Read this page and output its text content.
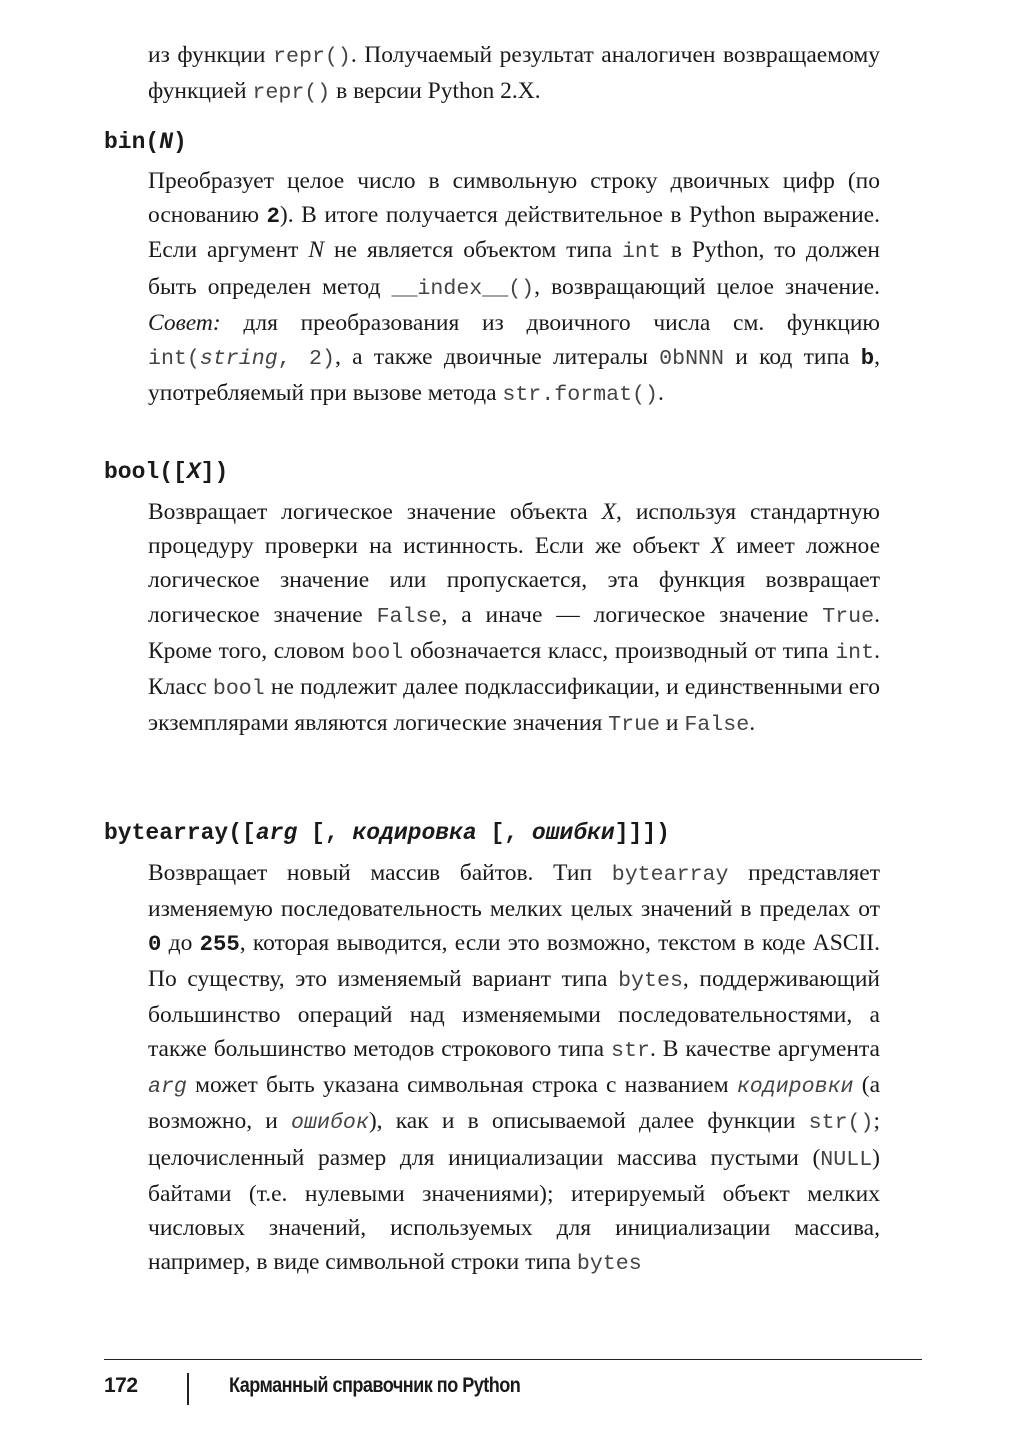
из функции repr(). Получаемый результат аналогичен возвращаемому функцией repr() в версии Python 2.X.

bin(N)

Преобразует целое число в символьную строку двоичных цифр (по основанию 2). В итоге получается действительное в Python выражение. Если аргумент N не является объектом типа int в Python, то должен быть определен метод __index__(), возвращающий целое значение. Совет: для преобразования из двоичного числа см. функцию int(string, 2), а также двоичные литералы 0bNNN и код типа b, употребляемый при вызове метода str.format().

bool([X])

Возвращает логическое значение объекта X, используя стандартную процедуру проверки на истинность. Если же объект X имеет ложное логическое значение или пропускается, эта функция возвращает логическое значение False, а иначе — логическое значение True. Кроме того, словом bool обозначается класс, производный от типа int. Класс bool не подлежит далее подклассификации, и единственными его экземплярами являются логические значения True и False.

bytearray([arg [, кодировка [, ошибки]]])

Возвращает новый массив байтов. Тип bytearray представляет изменяемую последовательность мелких целых значений в пределах от 0 до 255, которая выводится, если это возможно, текстом в коде ASCII. По существу, это изменяемый вариант типа bytes, поддерживающий большинство операций над изменяемыми последовательностями, а также большинство методов строкового типа str. В качестве аргумента arg может быть указана символьная строка с названием кодировки (а возможно, и ошибок), как и в описываемой далее функции str(); целочисленный размер для инициализации массива пустыми (NULL) байтами (т.е. нулевыми значениями); итерируемый объект мелких числовых значений, используемых для инициализации массива, например, в виде символьной строки типа bytes

172	Карманный справочник по Python
